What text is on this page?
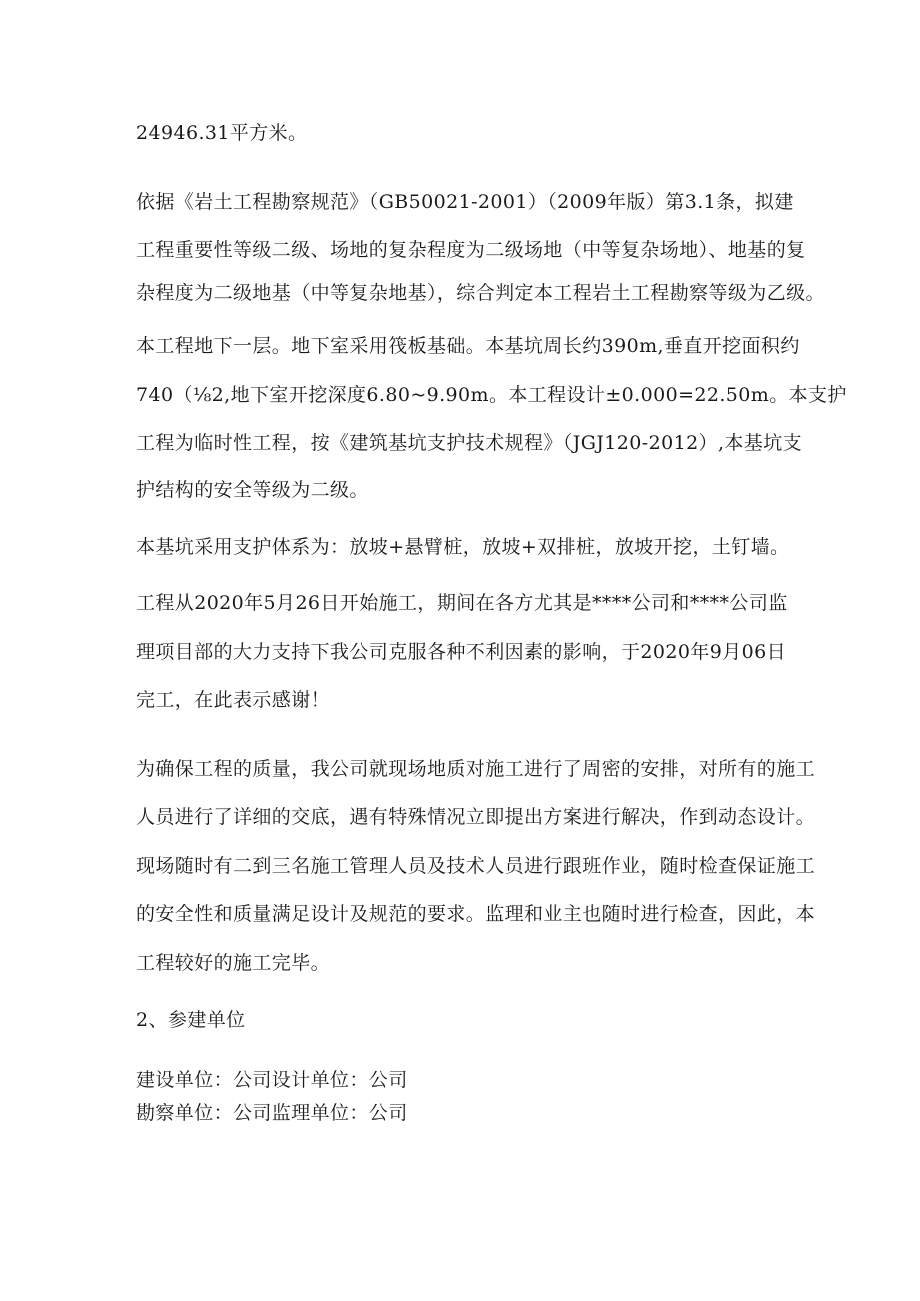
24946.31平方米。
依据《岩土工程勘察规范》（GB50021-2001）（2009年版）第3.1条，拟建
工程重要性等级二级、场地的复杂程度为二级场地（中等复杂场地）、地基的复
杂程度为二级地基（中等复杂地基），综合判定本工程岩土工程勘察等级为乙级。
本工程地下一层。地下室采用筏板基础。本基坑周长约390m,垂直开挖面积约
740（⅛2,地下室开挖深度6.80~9.90m。本工程设计±0.000=22.50m。本支护
工程为临时性工程，按《建筑基坑支护技术规程》（JGJ120-2012）,本基坑支
护结构的安全等级为二级。
本基坑采用支护体系为：放坡+悬臂桩，放坡+双排桩，放坡开挖，土钉墙。
工程从2020年5月26日开始施工，期间在各方尤其是****公司和****公司监
理项目部的大力支持下我公司克服各种不利因素的影响，于2020年9月06日
完工，在此表示感谢！
为确保工程的质量，我公司就现场地质对施工进行了周密的安排，对所有的施工
人员进行了详细的交底，遇有特殊情况立即提出方案进行解决，作到动态设计。
现场随时有二到三名施工管理人员及技术人员进行跟班作业，随时检查保证施工
的安全性和质量满足设计及规范的要求。监理和业主也随时进行检查，因此，本
工程较好的施工完毕。
2、参建单位
建设单位：公司设计单位：公司
勘察单位：公司监理单位：公司
